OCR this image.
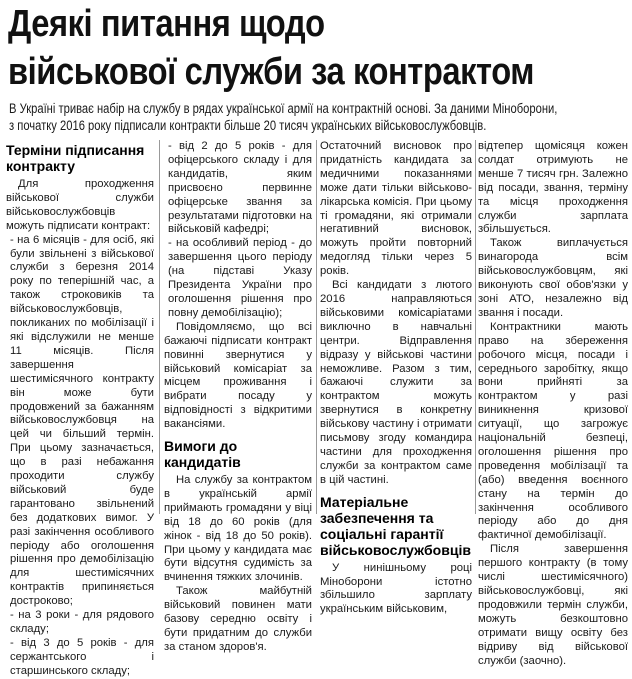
Деякі питання щодо
військової служби за контрактом
В Україні триває набір на службу в рядах української армії на контрактній основі. За даними Міноборони,
з початку 2016 року підписали контракти більше 20 тисяч українських військовослужбовців.
Терміни підписання контракту

Для проходження військової служби військовослужбовців можуть підписати контракт:

- на 6 місяців - для осіб, які були звільнені з військової служби з березня 2014 року по теперішній час, а також строковиків та військовослужбовців, покликаних по мобілізації і які відслужили не менше 11 місяців. Після завершення шестимісячного контракту він може бути продовжений за бажанням військовослужбовця на цей чи більший термін. При цьому зазначається, що в разі небажання проходити службу військовий буде гарантовано звільнений без додаткових вимог. У разі закінчення особливого періоду або оголошення рішення про демобілізацію для шестимісячних контрактів припиняється достроково;

- на 3 роки - для рядового складу;

- від 3 до 5 років - для сержантського і старшинського складу;

- від 2 до 5 років - для офіцерського складу і для кандидатів, яким присвоєно первинне офіцерське звання за результатами підготовки на військовій кафедрі;

- на особливий період - до завершення цього періоду (на підставі Указу Президента України про оголошення рішення про повну демобілізацію);

Повідомляємо, що всі бажаючі підписати контракт повинні звернутися у військовий комісаріат за місцем проживання і вибрати посаду у відповідності з відкритими вакансіями.

Вимоги до кандидатів

На службу за контрактом в українській армії приймають громадяни у віці від 18 до 60 років (для жінок - від 18 до 50 років). При цьому у кандидата має бути відсутня судимість за вчинення тяжких злочинів.

Також майбутній військовий повинен мати базову середню освіту і бути придатним до служби за станом здоров'я.

Остаточний висновок про придатність кандидата за медичними показаннями може дати тільки військово-лікарська комісія. При цьому ті громадяни, які отримали негативний висновок, можуть пройти повторний медогляд тільки через 5 років.

Всі кандидати з лютого 2016 направляються військовими комісаріатами виключно в навчальні центри. Відправлення відразу у військові частини неможливе. Разом з тим, бажаючі служити за контрактом можуть звернутися в конкретну військову частину і отримати письмову згоду командира частини для проходження служби за контрактом саме в цій частині.

Матеріальне забезпечення та соціальні гарантії військовослужбовців

У нинішньому році Міноборони істотно збільшило зарплату українським військовим,

відтепер щомісяця кожен солдат отримують не менше 7 тисяч грн. Залежно від посади, звання, терміну та місця проходження служби зарплата збільшується.

Також виплачується винагорода всім військовослужбовцям, які виконують свої обов'язки у зоні АТО, незалежно від звання і посади.

Контрактники мають право на збереження робочого місця, посади і середнього заробітку, якщо вони прийняті за контрактом у разі виникнення кризової ситуації, що загрожує національній безпеці, оголошення рішення про проведення мобілізації та (або) введення воєнного стану на термін до закінчення особливого періоду або до дня фактичної демобілізації.

Після завершення першого контракту (в тому числі шестимісячного) військовослужбовці, які продовжили термін служби, можуть безкоштовно отримати вищу освіту без відриву від військової служби (заочно).
